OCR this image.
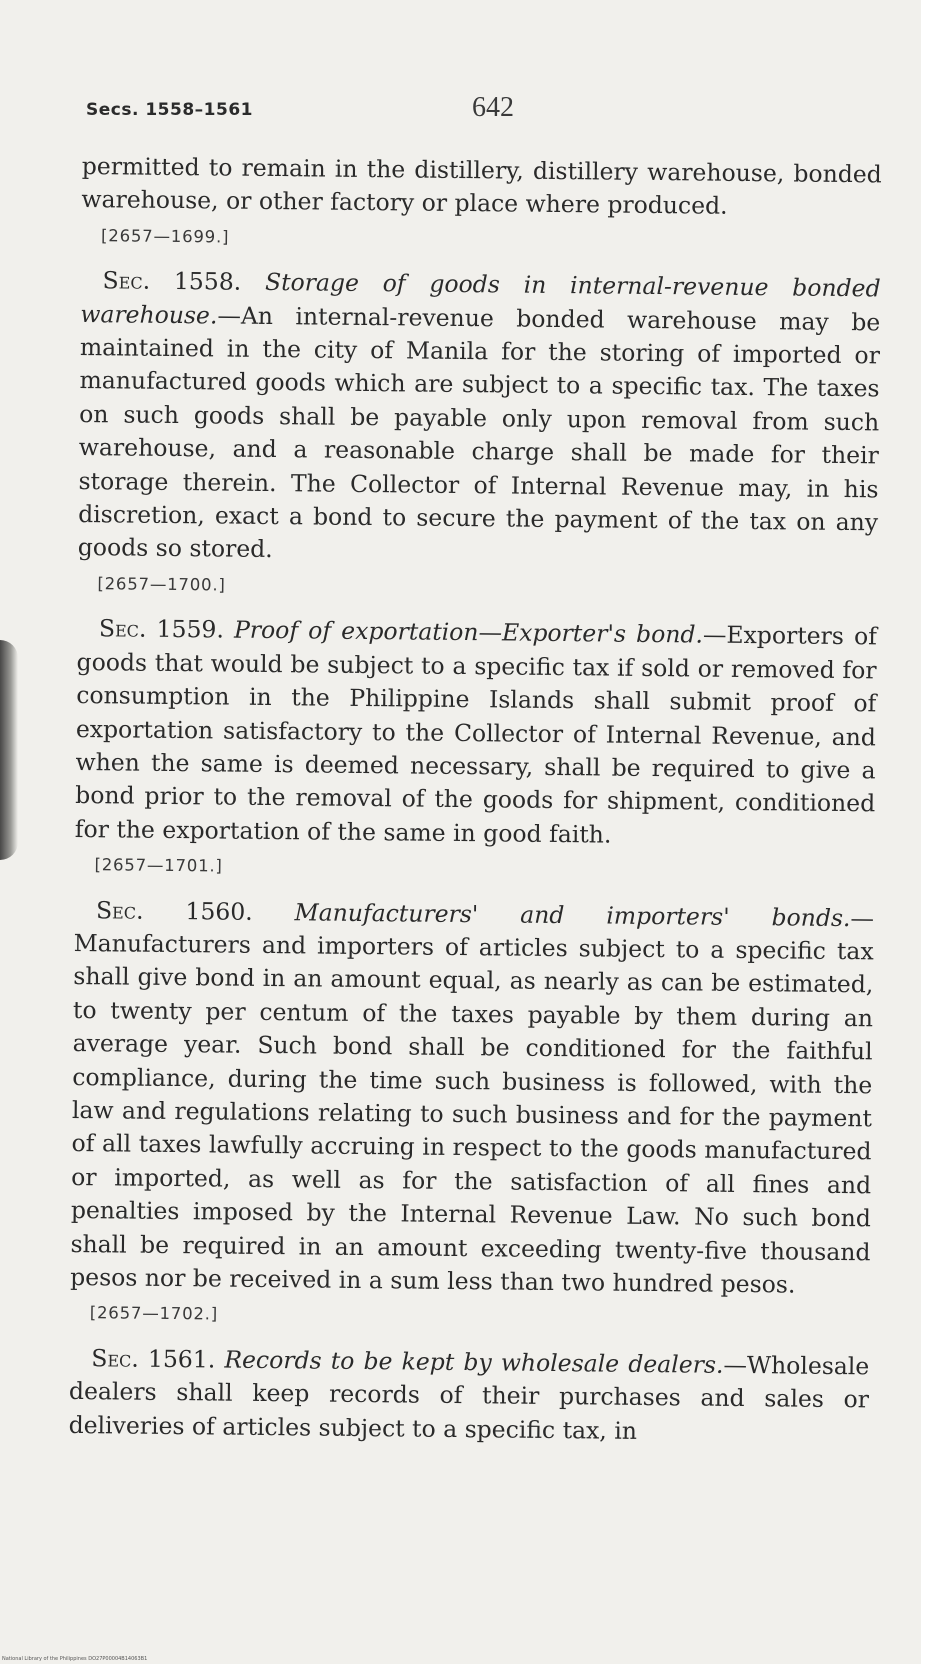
Secs. 1558–1561	642

permitted to remain in the distillery, distillery warehouse, bonded warehouse, or other factory or place where produced.

[2657—1699.]

Sec. 1558. Storage of goods in internal-revenue bonded warehouse.—An internal-revenue bonded warehouse may be maintained in the city of Manila for the storing of imported or manufactured goods which are subject to a specific tax. The taxes on such goods shall be payable only upon removal from such warehouse, and a reasonable charge shall be made for their storage therein. The Collector of Internal Revenue may, in his discretion, exact a bond to secure the payment of the tax on any goods so stored.

[2657—1700.]

Sec. 1559. Proof of exportation—Exporter's bond.—Exporters of goods that would be subject to a specific tax if sold or removed for consumption in the Philippine Islands shall submit proof of exportation satisfactory to the Collector of Internal Revenue, and when the same is deemed necessary, shall be required to give a bond prior to the removal of the goods for shipment, conditioned for the exportation of the same in good faith.

[2657—1701.]

Sec. 1560. Manufacturers' and importers' bonds.—Manufacturers and importers of articles subject to a specific tax shall give bond in an amount equal, as nearly as can be estimated, to twenty per centum of the taxes payable by them during an average year. Such bond shall be conditioned for the faithful compliance, during the time such business is followed, with the law and regulations relating to such business and for the payment of all taxes lawfully accruing in respect to the goods manufactured or imported, as well as for the satisfaction of all fines and penalties imposed by the Internal Revenue Law. No such bond shall be required in an amount exceeding twenty-five thousand pesos nor be received in a sum less than two hundred pesos.

[2657—1702.]

Sec. 1561. Records to be kept by wholesale dealers.—Wholesale dealers shall keep records of their purchases and sales or deliveries of articles subject to a specific tax, in

National Library of the Philippines DO27P00004B14063B1
